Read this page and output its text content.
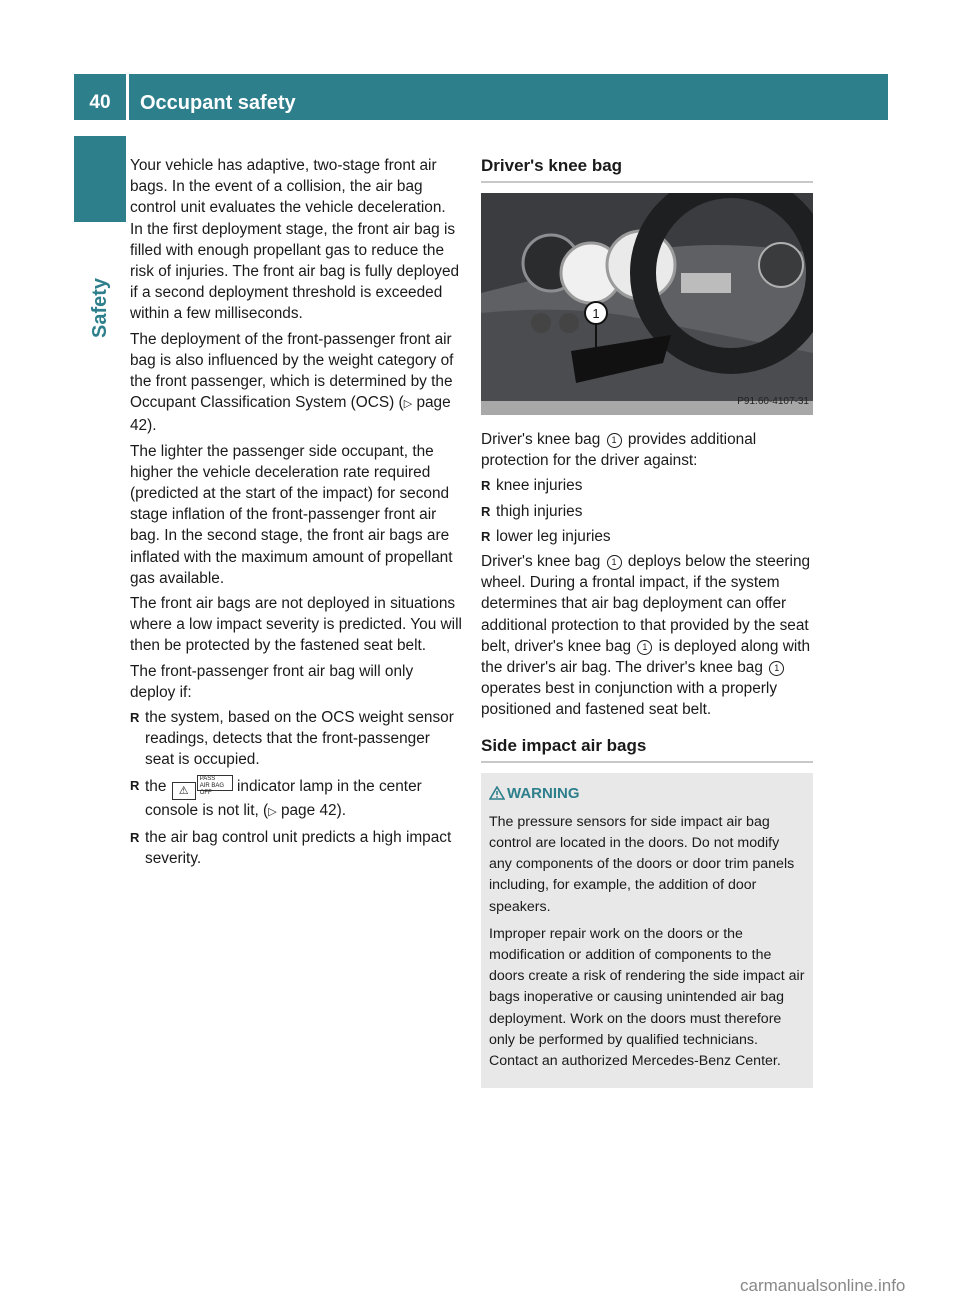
40	Occupant safety
Safety

Your vehicle has adaptive, two-stage front air bags. In the event of a collision, the air bag control unit evaluates the vehicle deceleration. In the first deployment stage, the front air bag is filled with enough propellant gas to reduce the risk of injuries. The front air bag is fully deployed if a second deployment threshold is exceeded within a few milliseconds.

The deployment of the front-passenger front air bag is also influenced by the weight category of the front passenger, which is determined by the Occupant Classification System (OCS) (▷ page 42).

The lighter the passenger side occupant, the higher the vehicle deceleration rate required (predicted at the start of the impact) for second stage inflation of the front-passenger front air bag. In the second stage, the front air bags are inflated with the maximum amount of propellant gas available.

The front air bags are not deployed in situations where a low impact severity is predicted. You will then be protected by the fastened seat belt.

The front-passenger front air bag will only deploy if:

R the system, based on the OCS weight sensor readings, detects that the front-passenger seat is occupied.
R the ⚠PASS
AIR BAG OFF indicator lamp in the center console is not lit, (▷ page 42).
R the air bag control unit predicts a high impact severity.
Driver's knee bag
1
P91.60-4107-31

Driver's knee bag 1 provides additional protection for the driver against:

R knee injuries
R thigh injuries
R lower leg injuries

Driver's knee bag 1 deploys below the steering wheel. During a frontal impact, if the system determines that air bag deployment can offer additional protection to that provided by the seat belt, driver's knee bag 1 is deployed along with the driver's air bag. The driver's knee bag 1 operates best in conjunction with a properly positioned and fastened seat belt.

Side impact air bags
WARNING

The pressure sensors for side impact air bag control are located in the doors. Do not modify any components of the doors or door trim panels including, for example, the addition of door speakers.

Improper repair work on the doors or the modification or addition of components to the doors create a risk of rendering the side impact air bags inoperative or causing unintended air bag deployment. Work on the doors must therefore only be performed by qualified technicians. Contact an authorized Mercedes-Benz Center.

carmanualsonline.info
